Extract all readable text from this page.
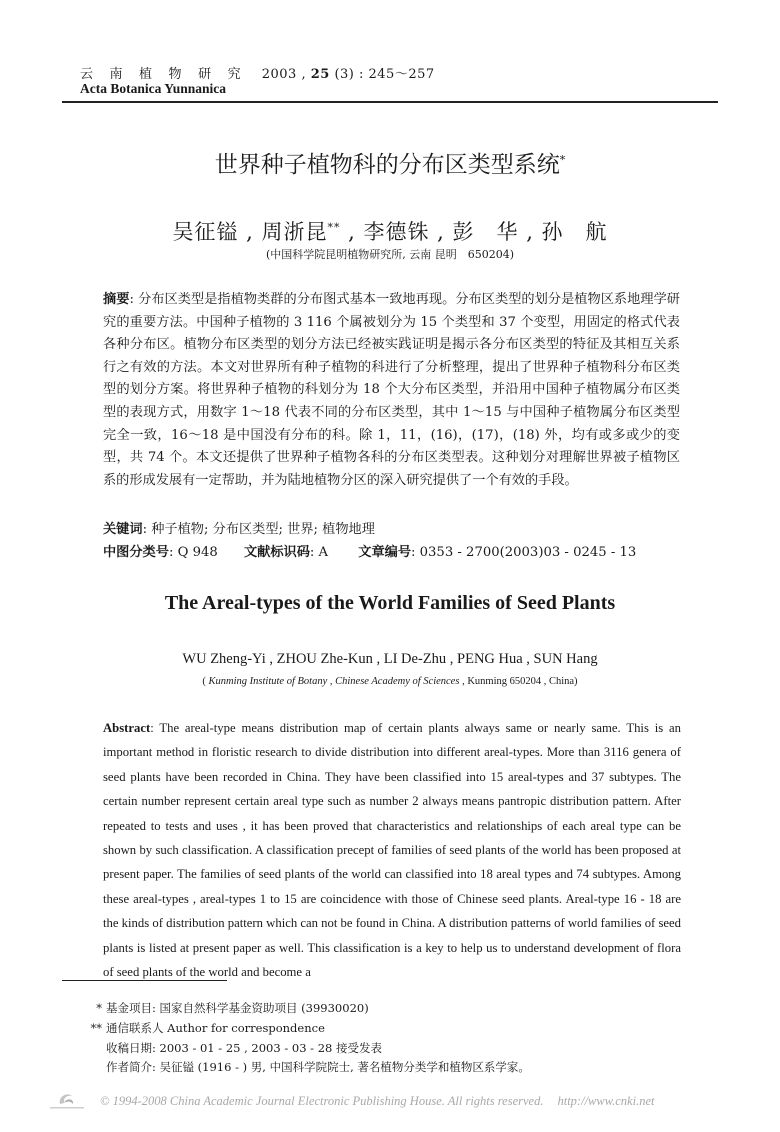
云 南 植 物 研 究 2003 , 25 (3) : 245～257
Acta Botanica Yunnanica
世界种子植物科的分布区类型系统*
吴征镒 , 周浙昆** , 李德铢 , 彭　华 , 孙　航
(中国科学院昆明植物研究所, 云南 昆明　650204)
摘要: 分布区类型是指植物类群的分布图式基本一致地再现。分布区类型的划分是植物区系地理学研究的重要方法。中国种子植物的 3 116 个属被划分为 15 个类型和 37 个变型，用固定的格式代表各种分布区。植物分布区类型的划分方法已经被实践证明是揭示各分布区类型的特征及其相互关系行之有效的方法。本文对世界所有种子植物的科进行了分析整理，提出了世界种子植物科分布区类型的划分方案。将世界种子植物的科划分为 18 个大分布区类型，并沿用中国种子植物属分布区类型的表现方式，用数字 1～18 代表不同的分布区类型，其中 1～15 与中国种子植物属分布区类型完全一致，16～18 是中国没有分布的科。除 1，11，(16)，(17)，(18) 外，均有或多或少的变型，共 74 个。本文还提供了世界种子植物各科的分布区类型表。这种划分对理解世界被子植物区系的形成发展有一定帮助，并为陆地植物分区的深入研究提供了一个有效的手段。
关键词: 种子植物; 分布区类型; 世界; 植物地理
中图分类号: Q 948 文献标识码: A 文章编号: 0353 - 2700(2003)03 - 0245 - 13
The Areal-types of the World Families of Seed Plants
WU Zheng-Yi , ZHOU Zhe-Kun , LI De-Zhu , PENG Hua , SUN Hang
( Kunming Institute of Botany , Chinese Academy of Sciences , Kunming 650204 , China)
Abstract: The areal-type means distribution map of certain plants always same or nearly same. This is an important method in floristic research to divide distribution into different areal-types. More than 3116 genera of seed plants have been recorded in China. They have been classified into 15 areal-types and 37 subtypes. The certain number represent certain areal type such as number 2 always means pantropic distribution pattern. After repeated to tests and uses , it has been proved that characteristics and relationships of each areal type can be shown by such classification. A classification precept of families of seed plants of the world has been proposed at present paper. The families of seed plants of the world can classified into 18 areal types and 74 subtypes. Among these areal-types , areal-types 1 to 15 are coincidence with those of Chinese seed plants. Areal-type 16 - 18 are the kinds of distribution pattern which can not be found in China. A distribution patterns of world families of seed plants is listed at present paper as well. This classification is a key to help us to understand development of flora of seed plants of the world and become a
* 基金项目: 国家自然科学基金资助项目 (39930020)
** 通信联系人 Author for correspondence
收稿日期: 2003 - 01 - 25 , 2003 - 03 - 28 接受发表
作者简介: 吴征镒 (1916 - ) 男, 中国科学院院士, 著名植物分类学和植物区系学家。
© 1994-2008 China Academic Journal Electronic Publishing House. All rights reserved. http://www.cnki.net
